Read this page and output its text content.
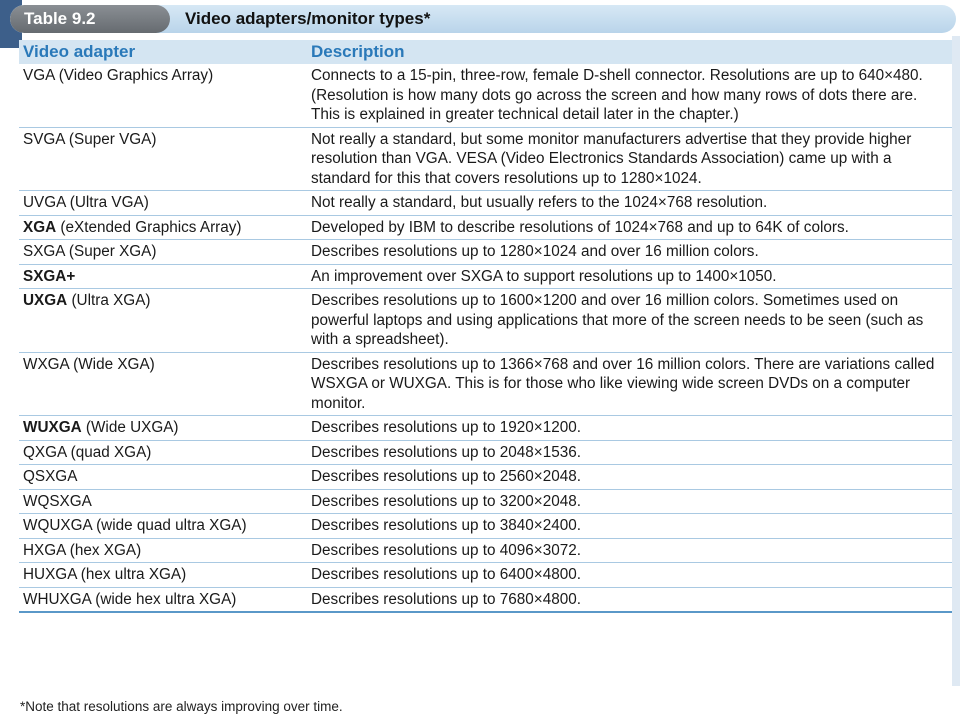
Table 9.2	Video adapters/monitor types*
Video adapter	Description
VGA (Video Graphics Array)	Connects to a 15-pin, three-row, female D-shell connector. Resolutions are up to 640×480. (Resolution is how many dots go across the screen and how many rows of dots there are. This is explained in greater technical detail later in the chapter.)
SVGA (Super VGA)	Not really a standard, but some monitor manufacturers advertise that they provide higher resolution than VGA. VESA (Video Electronics Standards Association) came up with a standard for this that covers resolutions up to 1280×1024.
UVGA (Ultra VGA)	Not really a standard, but usually refers to the 1024×768 resolution.
XGA (eXtended Graphics Array)	Developed by IBM to describe resolutions of 1024×768 and up to 64K of colors.
SXGA (Super XGA)	Describes resolutions up to 1280×1024 and over 16 million colors.
SXGA+	An improvement over SXGA to support resolutions up to 1400×1050.
UXGA (Ultra XGA)	Describes resolutions up to 1600×1200 and over 16 million colors. Sometimes used on powerful laptops and using applications that more of the screen needs to be seen (such as with a spreadsheet).
WXGA (Wide XGA)	Describes resolutions up to 1366×768 and over 16 million colors. There are variations called WSXGA or WUXGA. This is for those who like viewing wide screen DVDs on a computer monitor.
WUXGA (Wide UXGA)	Describes resolutions up to 1920×1200.
QXGA (quad XGA)	Describes resolutions up to 2048×1536.
QSXGA	Describes resolutions up to 2560×2048.
WQSXGA	Describes resolutions up to 3200×2048.
WQUXGA (wide quad ultra XGA)	Describes resolutions up to 3840×2400.
HXGA (hex XGA)	Describes resolutions up to 4096×3072.
HUXGA (hex ultra XGA)	Describes resolutions up to 6400×4800.
WHUXGA (wide hex ultra XGA)	Describes resolutions up to 7680×4800.
*Note that resolutions are always improving over time.
